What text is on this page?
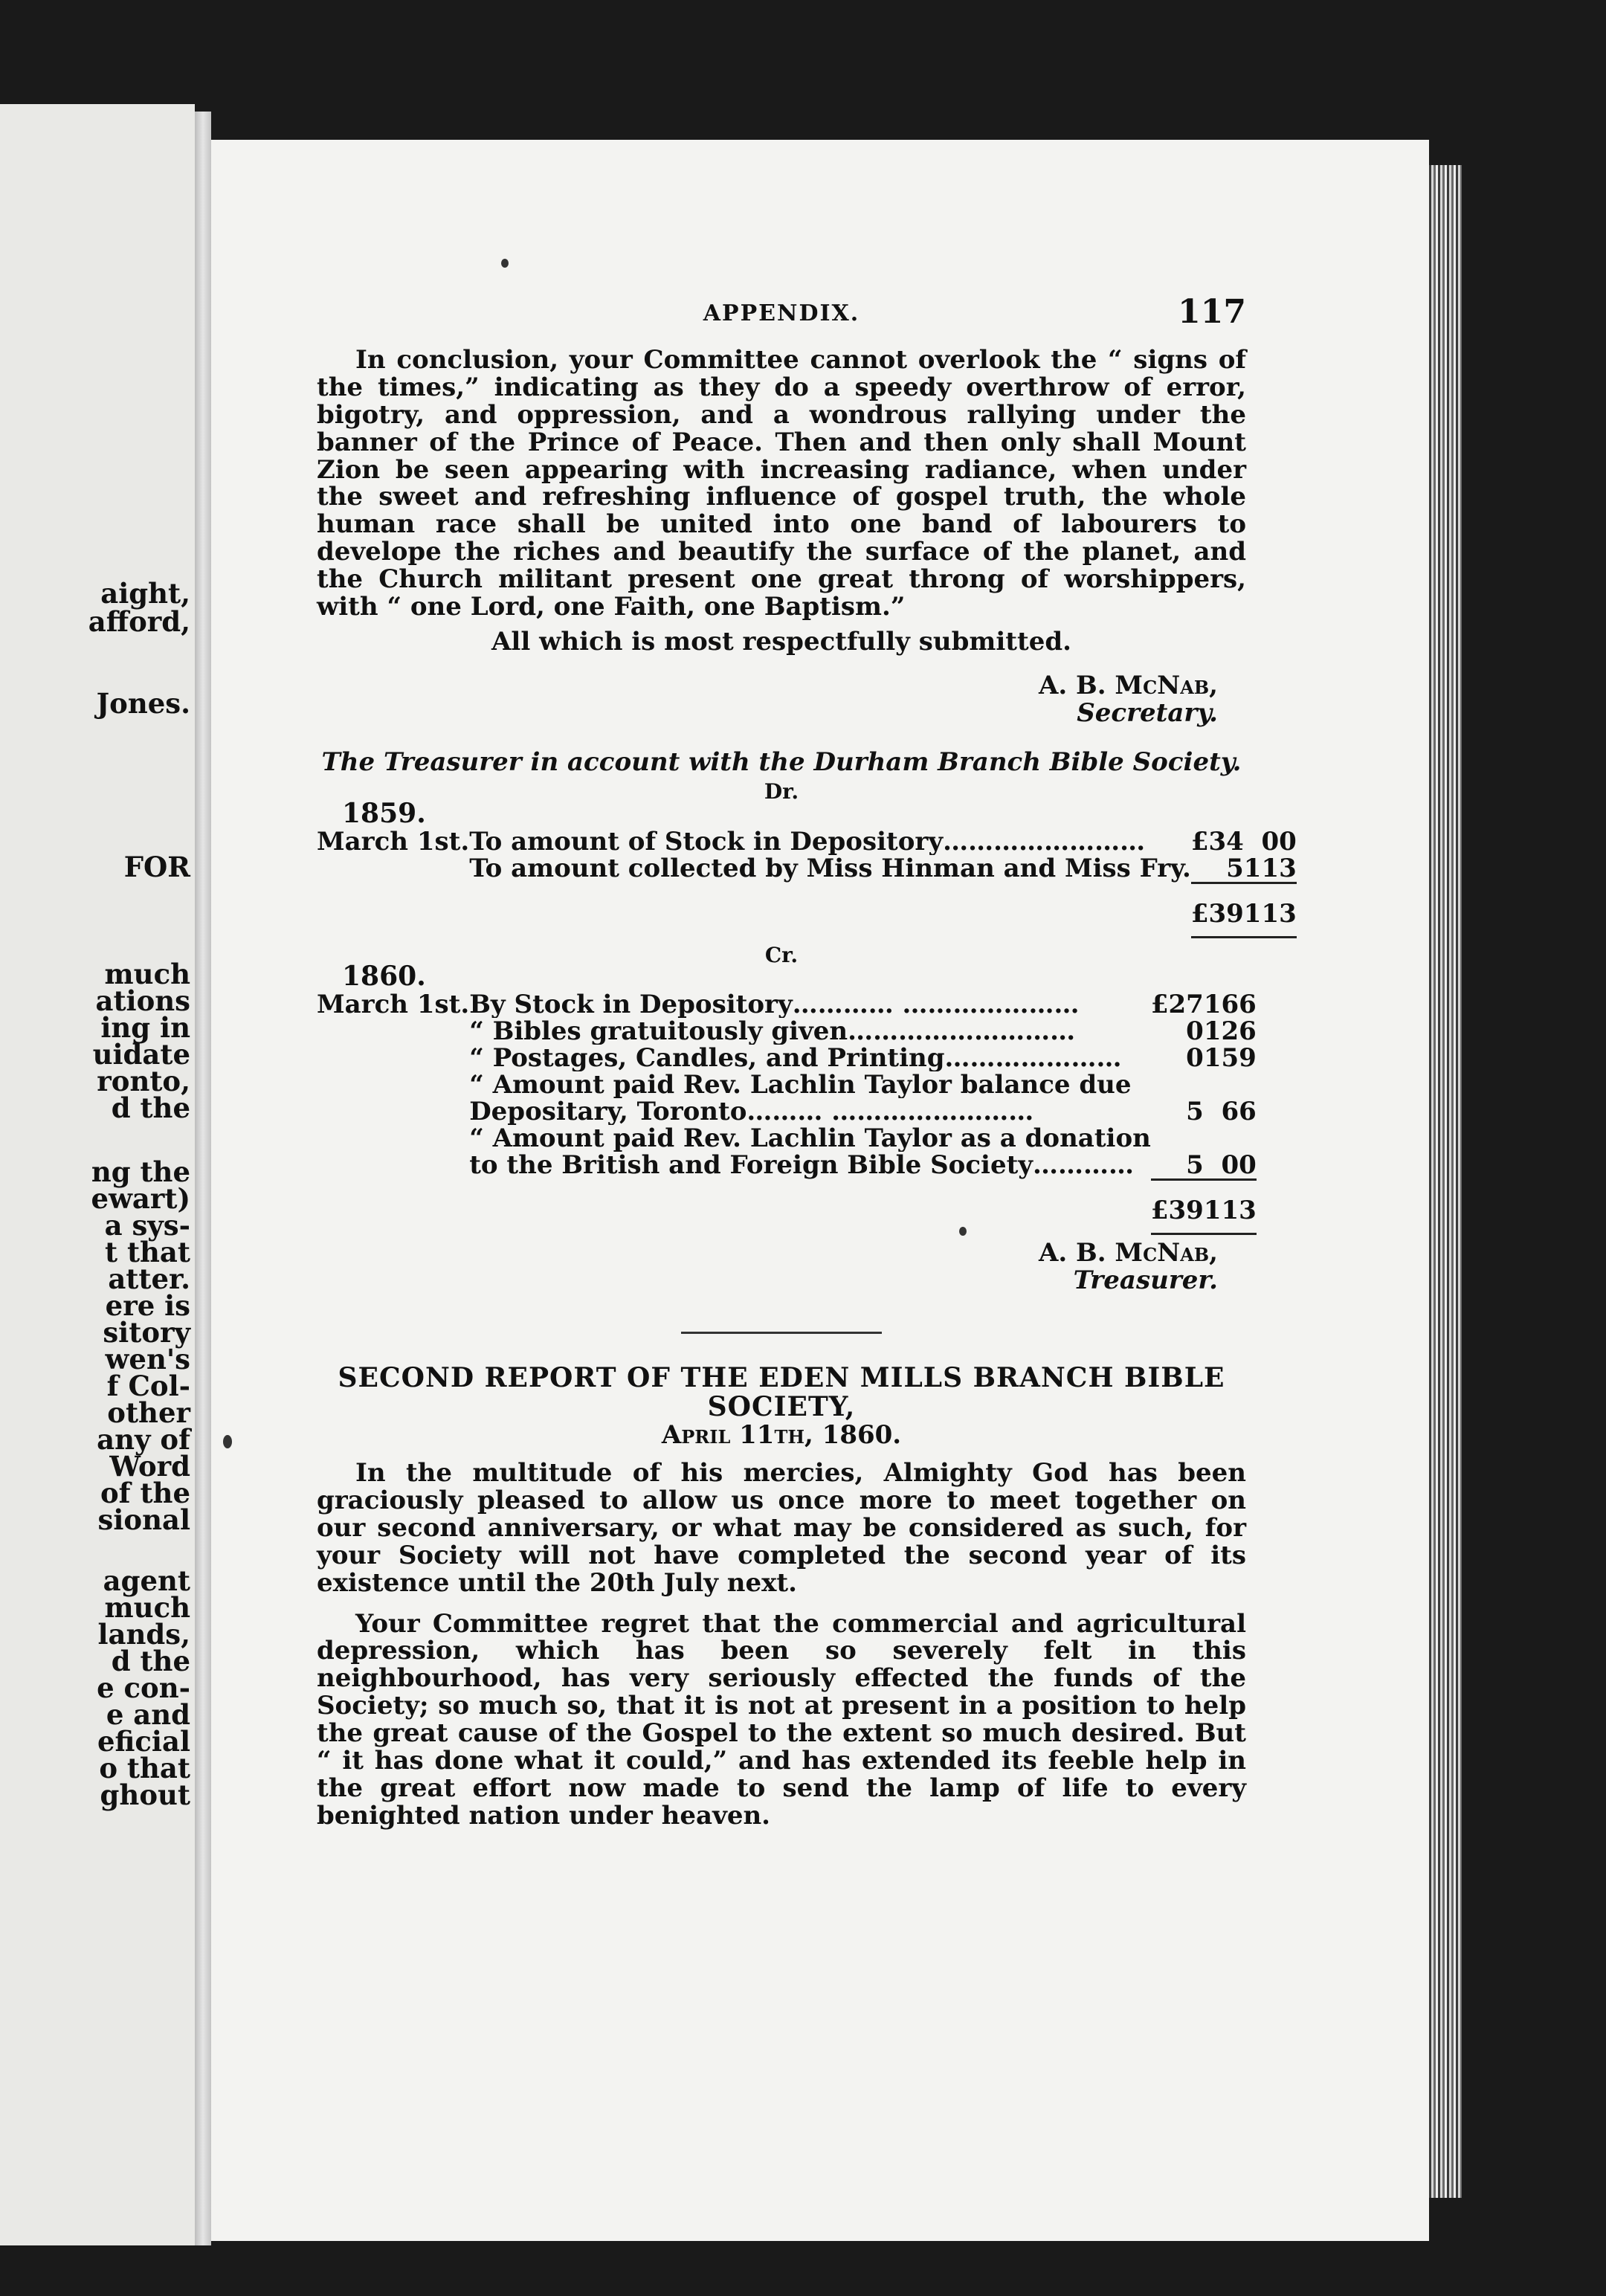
aight,
afford,
Jones.
FOR
much
ations
ing in
uidate
ronto,
d the
ng the
ewart)
a sys-
t that
atter.
ere is
sitory
wen's
f Col-
other
any of
Word
of the
sional
agent
much
lands,
d the
e con-
e and
eficial
o that
ghout
APPENDIX.	117

In conclusion, your Committee cannot overlook the “ signs of the times,” indicating as they do a speedy overthrow of error, bigotry, and oppression, and a wondrous rallying under the banner of the Prince of Peace. Then and then only shall Mount Zion be seen appearing with increasing radiance, when under the sweet and refreshing influence of gospel truth, the whole human race shall be united into one band of labourers to develope the riches and beautify the surface of the planet, and the Church militant present one great throng of worshippers, with “ one Lord, one Faith, one Baptism.”

All which is most respectfully submitted.

A. B. McNab,

Secretary.

The Treasurer in account with the Durham Branch Bible Society.

Dr.

1859.

March 1st.	To amount of Stock in Depository……………………	£34	0	0
	To amount collected by Miss Hinman and Miss Fry.	5	11	3
		£39	11	3

Cr.

1860.

March 1st.	By Stock in Depository………… …………………	£27	16	6
	“ Bibles gratuitously given………………………	0	12	6
	“ Postages, Candles, and Printing…………………	0	15	9
	“ Amount paid Rev. Lachlin Taylor balance due			
	Depositary, Toronto……… ……………………	5	6	6
	“ Amount paid Rev. Lachlin Taylor as a donation			
	to the British and Foreign Bible Society…………	5	0	0
		£39	11	3

A. B. McNab,

Treasurer.

SECOND REPORT OF THE EDEN MILLS BRANCH BIBLE SOCIETY,

April 11th, 1860.

In the multitude of his mercies, Almighty God has been graciously pleased to allow us once more to meet together on our second anniversary, or what may be considered as such, for your Society will not have completed the second year of its existence until the 20th July next.

Your Committee regret that the commercial and agricultural depression, which has been so severely felt in this neighbourhood, has very seriously effected the funds of the Society; so much so, that it is not at present in a position to help the great cause of the Gospel to the extent so much desired. But “ it has done what it could,” and has extended its feeble help in the great effort now made to send the lamp of life to every benighted nation under heaven.
